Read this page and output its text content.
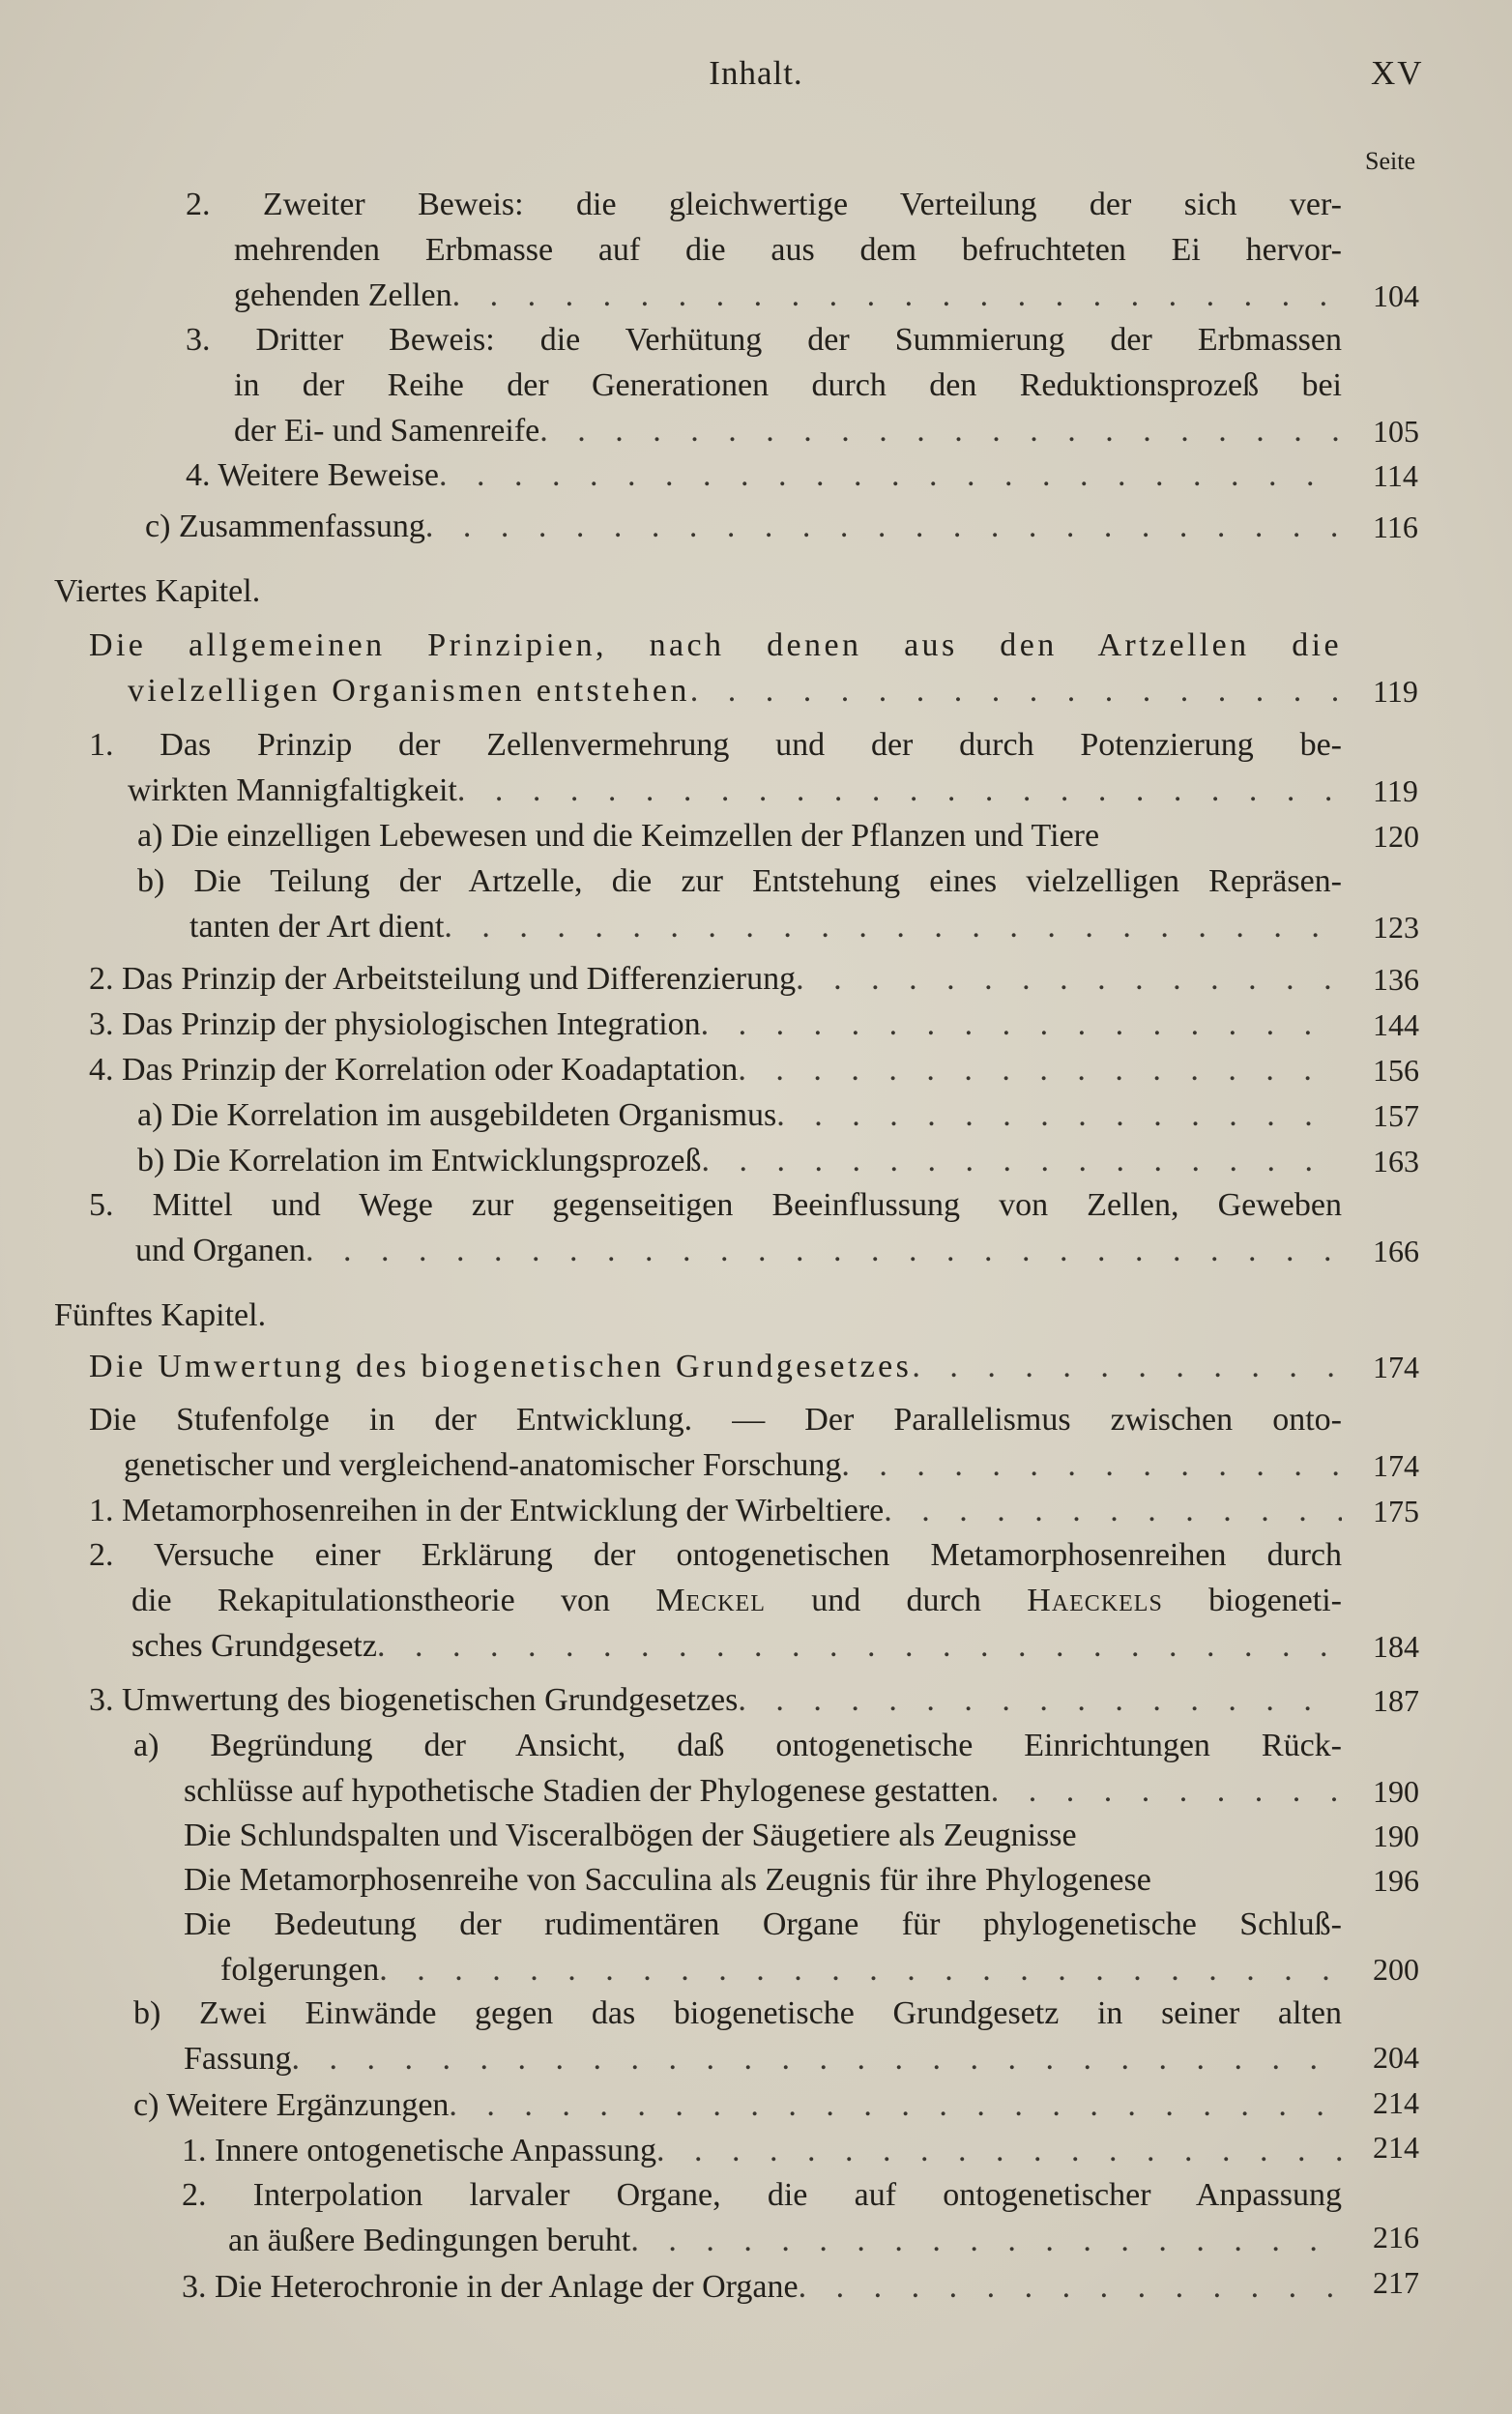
Inhalt.	XV
Seite
2. Zweiter Beweis: die gleichwertige Verteilung der sich ver-
mehrenden Erbmasse auf die aus dem befruchteten Ei hervor-
gehenden Zellen . . .	104
3. Dritter Beweis: die Verhütung der Summierung der Erbmassen
in der Reihe der Generationen durch den Reduktionsprozeß bei
der Ei- und Samenreife . . .	105
4. Weitere Beweise . . .	114
c) Zusammenfassung . . .	116
Viertes Kapitel.
Die allgemeinen Prinzipien, nach denen aus den Artzellen die
vielzelligen Organismen entstehen . . .	119
1. Das Prinzip der Zellenvermehrung und der durch Potenzierung be-
wirkten Mannigfaltigkeit . . .	119
a) Die einzelligen Lebewesen und die Keimzellen der Pflanzen und Tiere	120
b) Die Teilung der Artzelle, die zur Entstehung eines vielzelligen Repräsen-
tanten der Art dient . . .	123
2. Das Prinzip der Arbeitsteilung und Differenzierung . . .	136
3. Das Prinzip der physiologischen Integration . . .	144
4. Das Prinzip der Korrelation oder Koadaptation . . .	156
a) Die Korrelation im ausgebildeten Organismus . . .	157
b) Die Korrelation im Entwicklungsprozeß . . .	163
5. Mittel und Wege zur gegenseitigen Beeinflussung von Zellen, Geweben
und Organen . . .	166
Fünftes Kapitel.
Die Umwertung des biogenetischen Grundgesetzes . . .	174
Die Stufenfolge in der Entwicklung. — Der Parallelismus zwischen onto-
genetischer und vergleichend-anatomischer Forschung . . .	174
1. Metamorphosenreihen in der Entwicklung der Wirbeltiere . . .	175
2. Versuche einer Erklärung der ontogenetischen Metamorphosenreihen durch
die Rekapitulationstheorie von Meckel und durch Haeckels biogeneti-
sches Grundgesetz . . .	184
3. Umwertung des biogenetischen Grundgesetzes . . .	187
a) Begründung der Ansicht, daß ontogenetische Einrichtungen Rück-
schlüsse auf hypothetische Stadien der Phylogenese gestatten . . .	190
Die Schlundspalten und Visceralbögen der Säugetiere als Zeugnisse	190
Die Metamorphosenreihe von Sacculina als Zeugnis für ihre Phylogenese	196
Die Bedeutung der rudimentären Organe für phylogenetische Schluß-
folgerungen . . .	200
b) Zwei Einwände gegen das biogenetische Grundgesetz in seiner alten
Fassung . . .	204
c) Weitere Ergänzungen . . .	214
1. Innere ontogenetische Anpassung . . .	214
2. Interpolation larvaler Organe, die auf ontogenetischer Anpassung
an äußere Bedingungen beruht . . .	216
3. Die Heterochronie in der Anlage der Organe . . .	217
